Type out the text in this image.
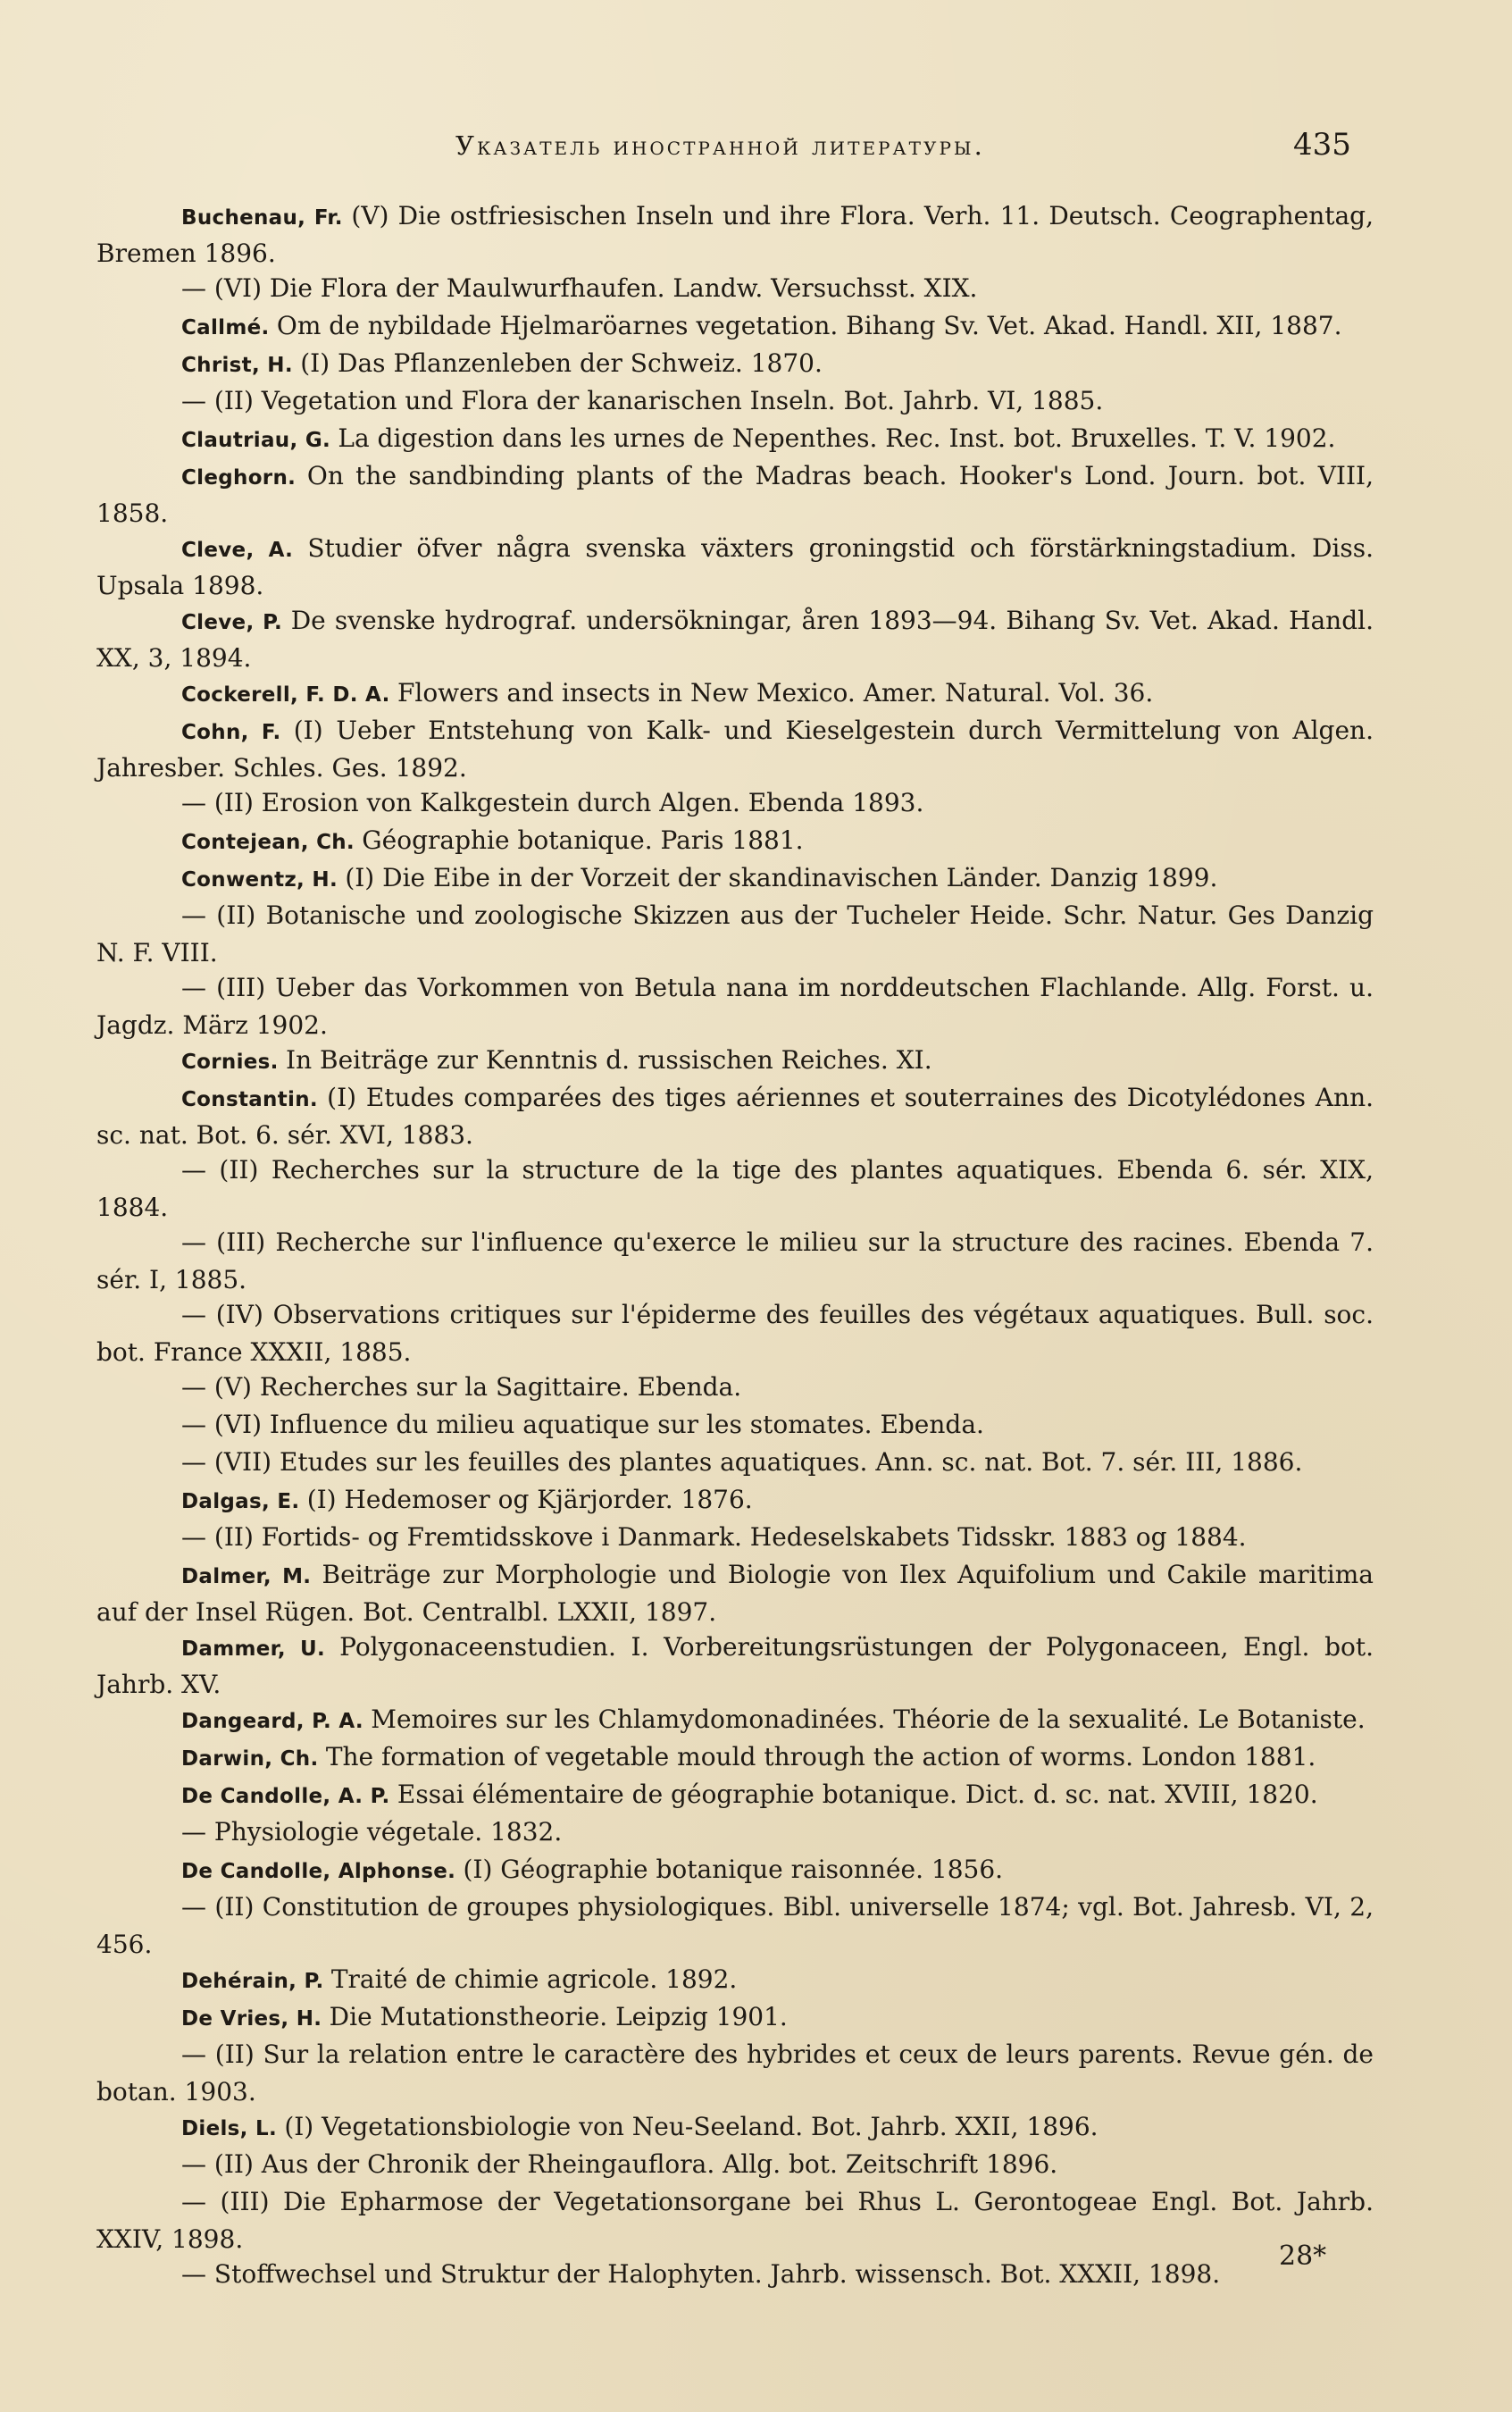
Указатель иностранной литературы.	435

Buchenau, Fr. (V) Die ostfriesischen Inseln und ihre Flora. Verh. 11. Deutsch. Ceographentag, Bremen 1896.

— (VI) Die Flora der Maulwurfhaufen. Landw. Versuchsst. XIX.

Callmé. Om de nybildade Hjelmaröarnes vegetation. Bihang Sv. Vet. Akad. Handl. XII, 1887.

Christ, H. (I) Das Pflanzenleben der Schweiz. 1870.

— (II) Vegetation und Flora der kanarischen Inseln. Bot. Jahrb. VI, 1885.

Clautriau, G. La digestion dans les urnes de Nepenthes. Rec. Inst. bot. Bruxelles. T. V. 1902.

Cleghorn. On the sandbinding plants of the Madras beach. Hooker's Lond. Journ. bot. VIII, 1858.

Cleve, A. Studier öfver några svenska växters groningstid och förstärkningstadium. Diss. Upsala 1898.

Cleve, P. De svenske hydrograf. undersökningar, åren 1893—94. Bihang Sv. Vet. Akad. Handl. XX, 3, 1894.

Cockerell, F. D. A. Flowers and insects in New Mexico. Amer. Natural. Vol. 36.

Cohn, F. (I) Ueber Entstehung von Kalk- und Kieselgestein durch Vermittelung von Algen. Jahresber. Schles. Ges. 1892.

— (II) Erosion von Kalkgestein durch Algen. Ebenda 1893.

Contejean, Ch. Géographie botanique. Paris 1881.

Conwentz, H. (I) Die Eibe in der Vorzeit der skandinavischen Länder. Danzig 1899.

— (II) Botanische und zoologische Skizzen aus der Tucheler Heide. Schr. Natur. Ges Danzig N. F. VIII.

— (III) Ueber das Vorkommen von Betula nana im norddeutschen Flachlande. Allg. Forst. u. Jagdz. März 1902.

Cornies. In Beiträge zur Kenntnis d. russischen Reiches. XI.

Constantin. (I) Etudes comparées des tiges aériennes et souterraines des Dicotylédones Ann. sc. nat. Bot. 6. sér. XVI, 1883.

— (II) Recherches sur la structure de la tige des plantes aquatiques. Ebenda 6. sér. XIX, 1884.

— (III) Recherche sur l'influence qu'exerce le milieu sur la structure des racines. Ebenda 7. sér. I, 1885.

— (IV) Observations critiques sur l'épiderme des feuilles des végétaux aquatiques. Bull. soc. bot. France XXXII, 1885.

— (V) Recherches sur la Sagittaire. Ebenda.

— (VI) Influence du milieu aquatique sur les stomates. Ebenda.

— (VII) Etudes sur les feuilles des plantes aquatiques. Ann. sc. nat. Bot. 7. sér. III, 1886.

Dalgas, E. (I) Hedemoser og Kjärjorder. 1876.

— (II) Fortids- og Fremtidsskove i Danmark. Hedeselskabets Tidsskr. 1883 og 1884.

Dalmer, M. Beiträge zur Morphologie und Biologie von Ilex Aquifolium und Cakile maritima auf der Insel Rügen. Bot. Centralbl. LXXII, 1897.

Dammer, U. Polygonaceenstudien. I. Vorbereitungsrüstungen der Polygonaceen, Engl. bot. Jahrb. XV.

Dangeard, P. A. Memoires sur les Chlamydomonadinées. Théorie de la sexualité. Le Botaniste.

Darwin, Ch. The formation of vegetable mould through the action of worms. London 1881.

De Candolle, A. P. Essai élémentaire de géographie botanique. Dict. d. sc. nat. XVIII, 1820.

— Physiologie végetale. 1832.

De Candolle, Alphonse. (I) Géographie botanique raisonnée. 1856.

— (II) Constitution de groupes physiologiques. Bibl. universelle 1874; vgl. Bot. Jahresb. VI, 2, 456.

Dehérain, P. Traité de chimie agricole. 1892.

De Vries, H. Die Mutationstheorie. Leipzig 1901.

— (II) Sur la relation entre le caractère des hybrides et ceux de leurs parents. Revue gén. de botan. 1903.

Diels, L. (I) Vegetationsbiologie von Neu-Seeland. Bot. Jahrb. XXII, 1896.

— (II) Aus der Chronik der Rheingauflora. Allg. bot. Zeitschrift 1896.

— (III) Die Epharmose der Vegetationsorgane bei Rhus L. Gerontogeae Engl. Bot. Jahrb. XXIV, 1898.

— Stoffwechsel und Struktur der Halophyten. Jahrb. wissensch. Bot. XXXII, 1898.

28*
